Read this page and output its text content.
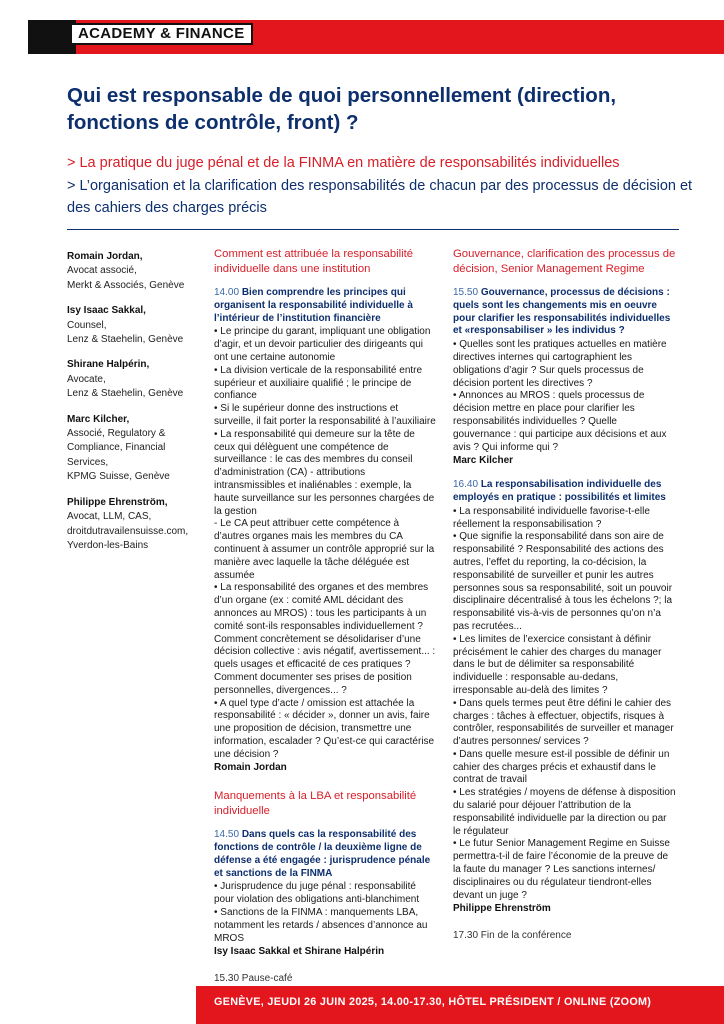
ACADEMY & FINANCE
Qui est responsable de quoi personnellement (direction, fonctions de contrôle, front) ?

> La pratique du juge pénal et de la FINMA en matière de responsabilités individuelles

> L’organisation et la clarification des responsabilités de chacun par des processus de décision et des cahiers des charges précis

Romain Jordan,
Avocat associé,
Merkt & Associés, Genève
Isy Isaac Sakkal,
Counsel,
Lenz & Staehelin, Genève
Shirane Halpérin,
Avocate,
Lenz & Staehelin, Genève
Marc Kilcher,
Associé, Regulatory &
Compliance, Financial
Services,
KPMG Suisse, Genève
Philippe Ehrenström,
Avocat, LLM, CAS,
droitdutravailensuisse.com,
Yverdon-les-Bains
Comment est attribuée la responsabilité individuelle dans une institution
14.00 Bien comprendre les principes qui organisent la responsabilité individuelle à l’intérieur de l’institution financière

• Le principe du garant, impliquant une obligation d’agir, et un devoir particulier des dirigeants qui ont une certaine autonomie

• La division verticale de la responsabilité entre supérieur et auxiliaire qualifié ; le principe de confiance

• Si le supérieur donne des instructions et surveille, il fait porter la responsabilité à l’auxiliaire

• La responsabilité qui demeure sur la tête de ceux qui délèguent une compétence de surveillance : le cas des membres du conseil d’administration (CA) - attributions intransmissibles et inaliénables : exemple, la haute surveillance sur les personnes chargées de la gestion

- Le CA peut attribuer cette compétence à d’autres organes mais les membres du CA continuent à assumer un contrôle approprié sur la manière avec laquelle la tâche déléguée est assumée

• La responsabilité des organes et des membres d’un organe (ex : comité AML décidant des annonces au MROS) : tous les participants à un comité sont-ils responsables individuellement ? Comment concrètement se désolidariser d’une décision collective : avis négatif, avertissement... : quels usages et efficacité de ces pratiques ? Comment documenter ses prises de position personnelles, divergences... ?

• A quel type d’acte / omission est attachée la responsabilité : « décider », donner un avis, faire une proposition de décision, transmettre une information, escalader ? Qu’est-ce qui caractérise une décision ?

Romain Jordan
Manquements à la LBA et responsabilité individuelle
14.50 Dans quels cas la responsabilité des fonctions de contrôle / la deuxième ligne de défense a été engagée : jurisprudence pénale et sanctions de la FINMA

• Jurisprudence du juge pénal : responsabilité pour violation des obligations anti-blanchiment

• Sanctions de la FINMA : manquements LBA, notamment les retards / absences d’annonce au MROS

Isy Isaac Sakkal et Shirane Halpérin
15.30 Pause-café
Gouvernance, clarification des processus de décision, Senior Management Regime
15.50 Gouvernance, processus de décisions : quels sont les changements mis en oeuvre pour clarifier les responsabilités individuelles et «responsabiliser » les individus ?

• Quelles sont les pratiques actuelles en matière directives internes qui cartographient les obligations d’agir ? Sur quels processus de décision portent les directives ?

• Annonces au MROS : quels processus de décision mettre en place pour clarifier les responsabilités individuelles ? Quelle gouvernance : qui participe aux décisions et aux avis ? Qui informe qui ?

Marc Kilcher
16.40 La responsabilisation individuelle des employés en pratique : possibilités et limites

• La responsabilité individuelle favorise-t-elle réellement la responsabilisation ?

• Que signifie la responsabilité dans son aire de responsabilité ? Responsabilité des actions des autres, l’effet du reporting, la co-décision, la responsabilité de surveiller et punir les autres personnes sous sa responsabilité, soit un pouvoir disciplinaire décentralisé à tous les échelons ?; la responsabilité vis-à-vis de personnes qu’on n’a pas recrutées...

• Les limites de l’exercice consistant à définir précisément le cahier des charges du manager dans le but de délimiter sa responsabilité individuelle : responsable au-dedans, irresponsable au-delà des limites ?

• Dans quels termes peut être défini le cahier des charges : tâches à effectuer, objectifs, risques à contrôler, responsabilités de surveiller et manager d’autres personnes/ services ?

• Dans quelle mesure est-il possible de définir un cahier des charges précis et exhaustif dans le contrat de travail

• Les stratégies / moyens de défense à disposition du salarié pour déjouer l’attribution de la responsabilité individuelle par la direction ou par le régulateur

• Le futur Senior Management Regime en Suisse permettra-t-il de faire l’économie de la preuve de la faute du manager ? Les sanctions internes/ disciplinaires ou du régulateur tiendront-elles devant un juge ?

Philippe Ehrenström
17.30 Fin de la conférence
GENÈVE, JEUDI 26 JUIN 2025, 14.00-17.30, HÔTEL PRÉSIDENT / ONLINE (ZOOM)
